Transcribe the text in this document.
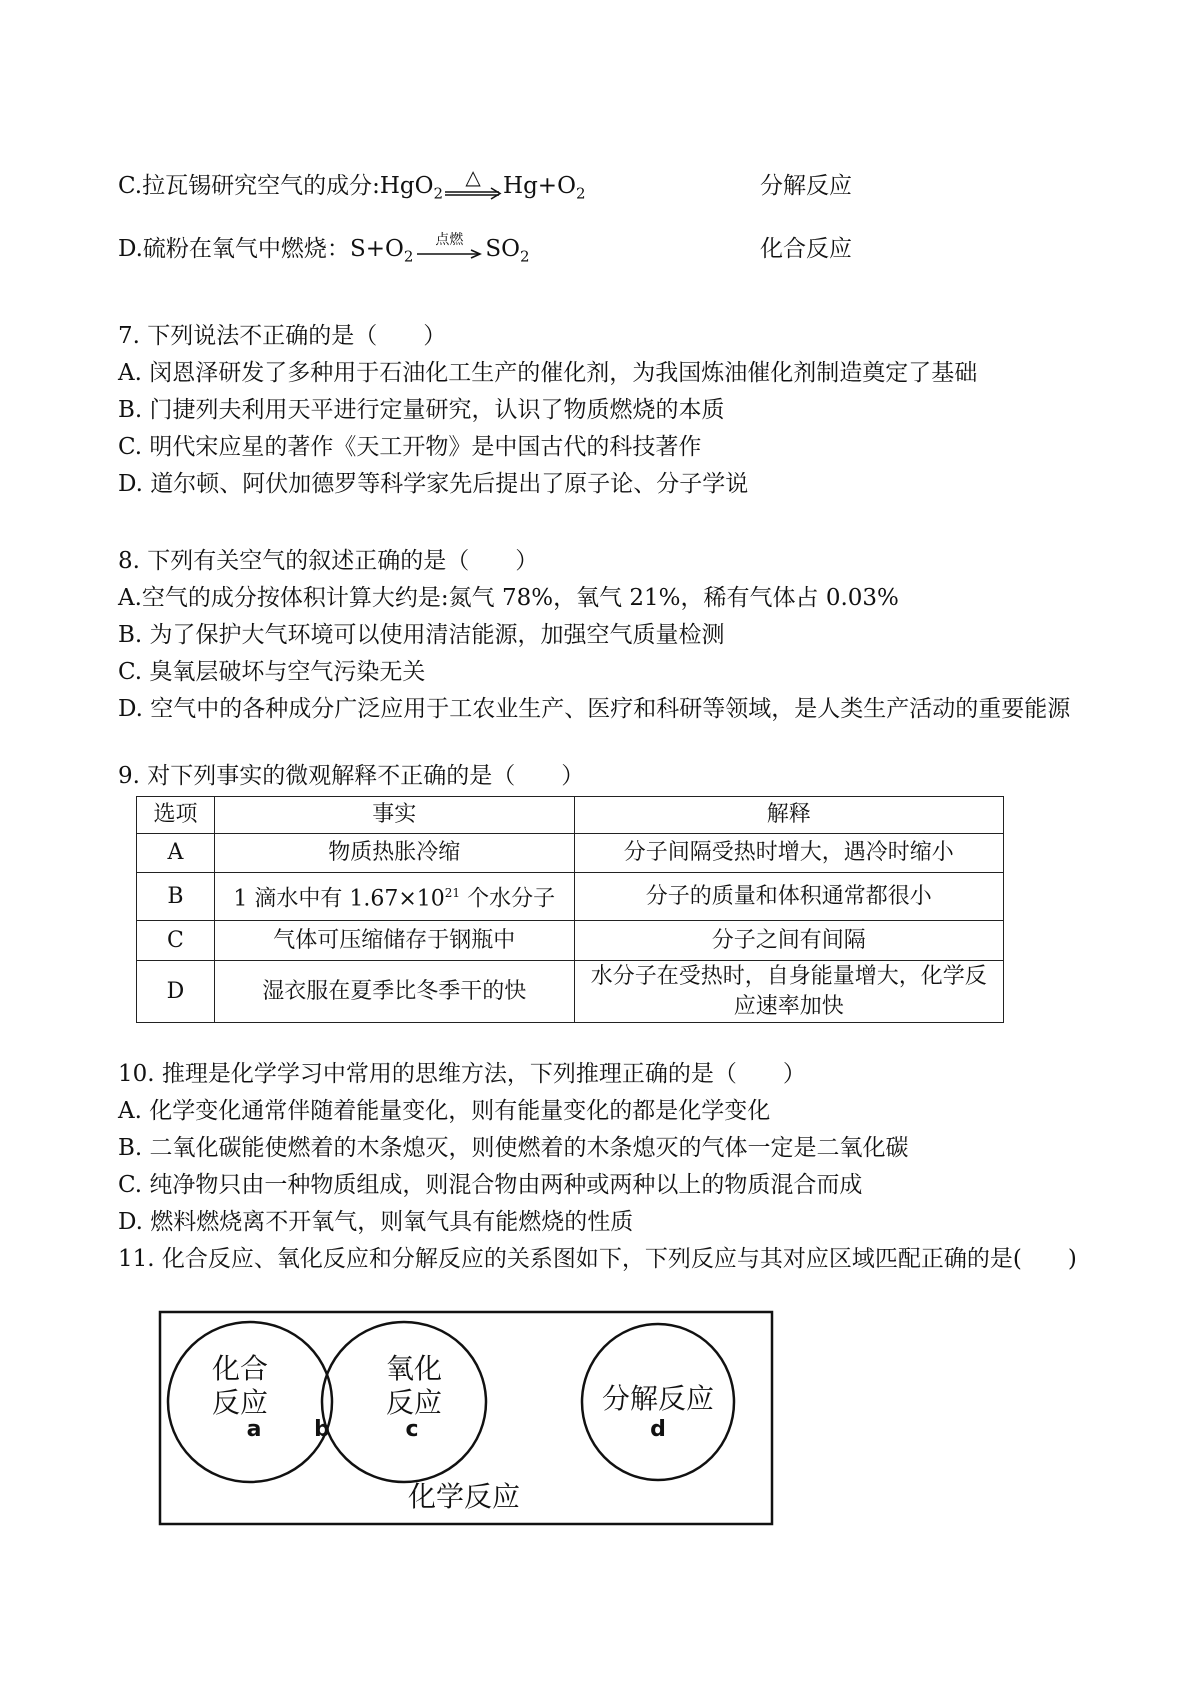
C.拉瓦锡研究空气的成分:HgO$_2$
△ $Hg+O_2$	分解反应
D.硫粉在氧气中燃烧：$S+O_2$
点燃 $SO_2$	化合反应
7. 下列说法不正确的是（　　）
A. 闵恩泽研发了多种用于石油化工生产的催化剂，为我国炼油催化剂制造奠定了基础
B. 门捷列夫利用天平进行定量研究，认识了物质燃烧的本质
C. 明代宋应星的著作《天工开物》是中国古代的科技著作
D. 道尔顿、阿伏加德罗等科学家先后提出了原子论、分子学说
8. 下列有关空气的叙述正确的是（　　）
A.空气的成分按体积计算大约是:氮气 78%，氧气 21%，稀有气体占 0.03%
B. 为了保护大气环境可以使用清洁能源，加强空气质量检测
C. 臭氧层破坏与空气污染无关
D. 空气中的各种成分广泛应用于工农业生产、医疗和科研等领域，是人类生产活动的重要能源
9. 对下列事实的微观解释不正确的是（　　）
选项	事实	解释
A	物质热胀冷缩	分子间隔受热时增大，遇冷时缩小
B	1 滴水中有 $1.67\times 10^{21}$ 个水分子	分子的质量和体积通常都很小
C	气体可压缩储存于钢瓶中	分子之间有间隔
D	湿衣服在夏季比冬季干的快	水分子在受热时，自身能量增大，化学反应速率加快
10. 推理是化学学习中常用的思维方法，下列推理正确的是（　　）
A. 化学变化通常伴随着能量变化，则有能量变化的都是化学变化
B. 二氧化碳能使燃着的木条熄灭，则使燃着的木条熄灭的气体一定是二氧化碳
C. 纯净物只由一种物质组成，则混合物由两种或两种以上的物质混合而成
D. 燃料燃烧离不开氧气，则氧气具有能燃烧的性质
11. 化合反应、氧化反应和分解反应的关系图如下，下列反应与其对应区域匹配正确的是(　　)
化合
反应
a b
氧化
反应
c
分解反应
d
化学反应
